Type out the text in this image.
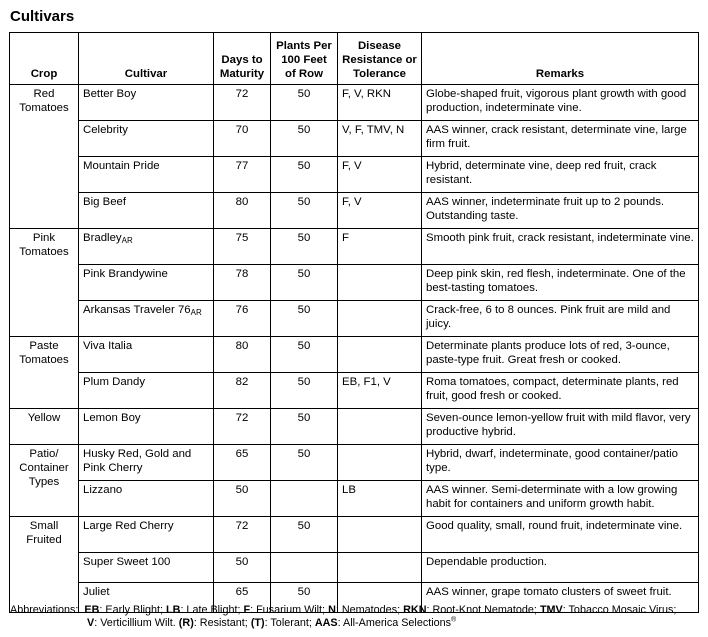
Cultivars
Crop	Cultivar	Days to Maturity	Plants Per 100 Feet of Row	Disease Resistance or Tolerance	Remarks
Red Tomatoes	Better Boy	72	50	F, V, RKN	Globe-shaped fruit, vigorous plant growth with good production, indeterminate vine.
	Celebrity	70	50	V, F, TMV, N	AAS winner, crack resistant, determinate vine, large firm fruit.
	Mountain Pride	77	50	F, V	Hybrid, determinate vine, deep red fruit, crack resistant.
	Big Beef	80	50	F, V	AAS winner, indeterminate fruit up to 2 pounds. Outstanding taste.
Pink Tomatoes	Bradley$_{AR}$	75	50	F	Smooth pink fruit, crack resistant, indeterminate vine.
	Pink Brandywine	78	50		Deep pink skin, red flesh, indeterminate. One of the best-tasting tomatoes.
	Arkansas Traveler $76_{AR}$	76	50		Crack-free, 6 to 8 ounces. Pink fruit are mild and juicy.
Paste Tomatoes	Viva Italia	80	50		Determinate plants produce lots of red, 3-ounce, paste-type fruit. Great fresh or cooked.
	Plum Dandy	82	50	EB, F1, V	Roma tomatoes, compact, determinate plants, red fruit, good fresh or cooked.
Yellow	Lemon Boy	72	50		Seven-ounce lemon-yellow fruit with mild flavor, very productive hybrid.
Patio/ Container Types	Husky Red, Gold and Pink Cherry	65	50		Hybrid, dwarf, indeterminate, good container/patio type.
	Lizzano	50		LB	AAS winner. Semi-determinate with a low growing habit for containers and uniform growth habit.
Small Fruited	Large Red Cherry	72	50		Good quality, small, round fruit, indeterminate vine.
	Super Sweet 100	50			Dependable production.
	Juliet	65	50		AAS winner, grape tomato clusters of sweet fruit.
Abbreviations: EB: Early Blight; LB: Late Blight; F: Fusarium Wilt; N: Nematodes; RKN: Root-Knot Nematode; TMV: Tobacco Mosaic Virus;
V: Verticillium Wilt. (R): Resistant; (T): Tolerant; AAS: All-America Selections®
